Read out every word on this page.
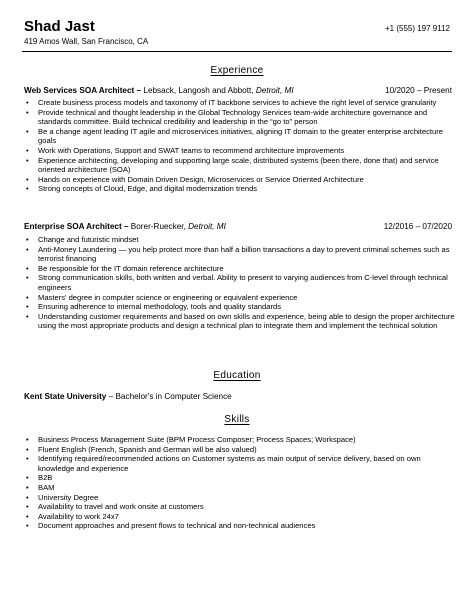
Shad Jast	+1 (555) 197 9112
419 Amos Wall, San Francisco, CA
Experience
Web Services SOA Architect – Lebsack, Langosh and Abbott, Detroit, MI	10/2020 – Present
• Create business process models and taxonomy of IT backbone services to achieve the right level of service granularity
• Provide technical and thought leadership in the Global Technology Services team-wide architecture governance and standards committee. Build technical credibility and leadership in the “go to” person
• Be a change agent leading IT agile and microservices initiatives, aligning IT domain to the greater enterprise architecture goals
• Work with Operations, Support and SWAT teams to recommend architecture improvements
• Experience architecting, developing and supporting large scale, distributed systems (been there, done that) and service oriented architecture (SOA)
• Hands on experience with Domain Driven Design, Microservices or Service Oriented Architecture
• Strong concepts of Cloud, Edge, and digital modernization trends
Enterprise SOA Architect – Borer-Ruecker, Detroit, MI	12/2016 – 07/2020
• Change and futuristic mindset
• Anti-Money Laundering — you help protect more than half a billion transactions a day to prevent criminal schemes such as terrorist financing
• Be responsible for the IT domain reference architecture
• Strong communication skills, both written and verbal. Ability to present to varying audiences from C-level through technical engineers
• Masters' degree in computer science or engineering or equivalent experience
• Ensuring adherence to internal methodology, tools and quality standards
• Understanding customer requirements and based on own skills and experience, being able to design the proper architecture using the most appropriate products and design a technical plan to integrate them and implement the technical solution
Education
Kent State University – Bachelor's in Computer Science
Skills
• Business Process Management Suite (BPM Process Composer; Process Spaces; Workspace)
• Fluent English (French, Spanish and German will be also valued)
• Identifying required/recommended actions on Customer systems as main output of service delivery, based on own knowledge and experience
• B2B
• BAM
• University Degree
• Availability to travel and work onsite at customers
• Availability to work 24x7
• Document approaches and present flows to technical and non-technical audiences
